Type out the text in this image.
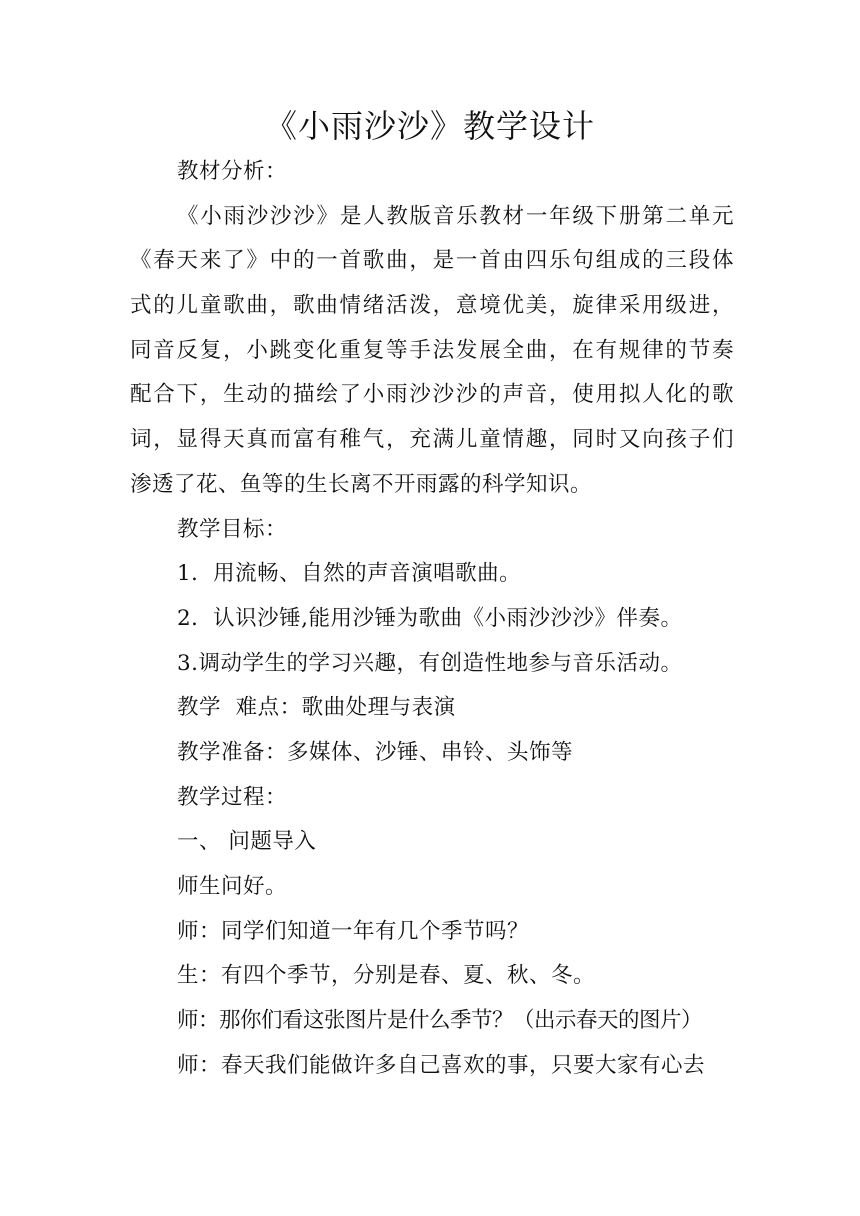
《小雨沙沙》教学设计
教材分析：
《小雨沙沙沙》是人教版音乐教材一年级下册第二单元
《春天来了》中的一首歌曲，是一首由四乐句组成的三段体
式的儿童歌曲，歌曲情绪活泼，意境优美，旋律采用级进，
同音反复，小跳变化重复等手法发展全曲，在有规律的节奏
配合下，生动的描绘了小雨沙沙沙的声音，使用拟人化的歌
词，显得天真而富有稚气，充满儿童情趣，同时又向孩子们
渗透了花、鱼等的生长离不开雨露的科学知识。
教学目标：
1．用流畅、自然的声音演唱歌曲。
2．认识沙锤,能用沙锤为歌曲《小雨沙沙沙》伴奏。
3.调动学生的学习兴趣，有创造性地参与音乐活动。
教学  难点：歌曲处理与表演
教学准备：多媒体、沙锤、串铃、头饰等
教学过程：
一、 问题导入
师生问好。
师：同学们知道一年有几个季节吗？
生：有四个季节，分别是春、夏、秋、冬。
师：那你们看这张图片是什么季节？（出示春天的图片）
师：春天我们能做许多自己喜欢的事，只要大家有心去
